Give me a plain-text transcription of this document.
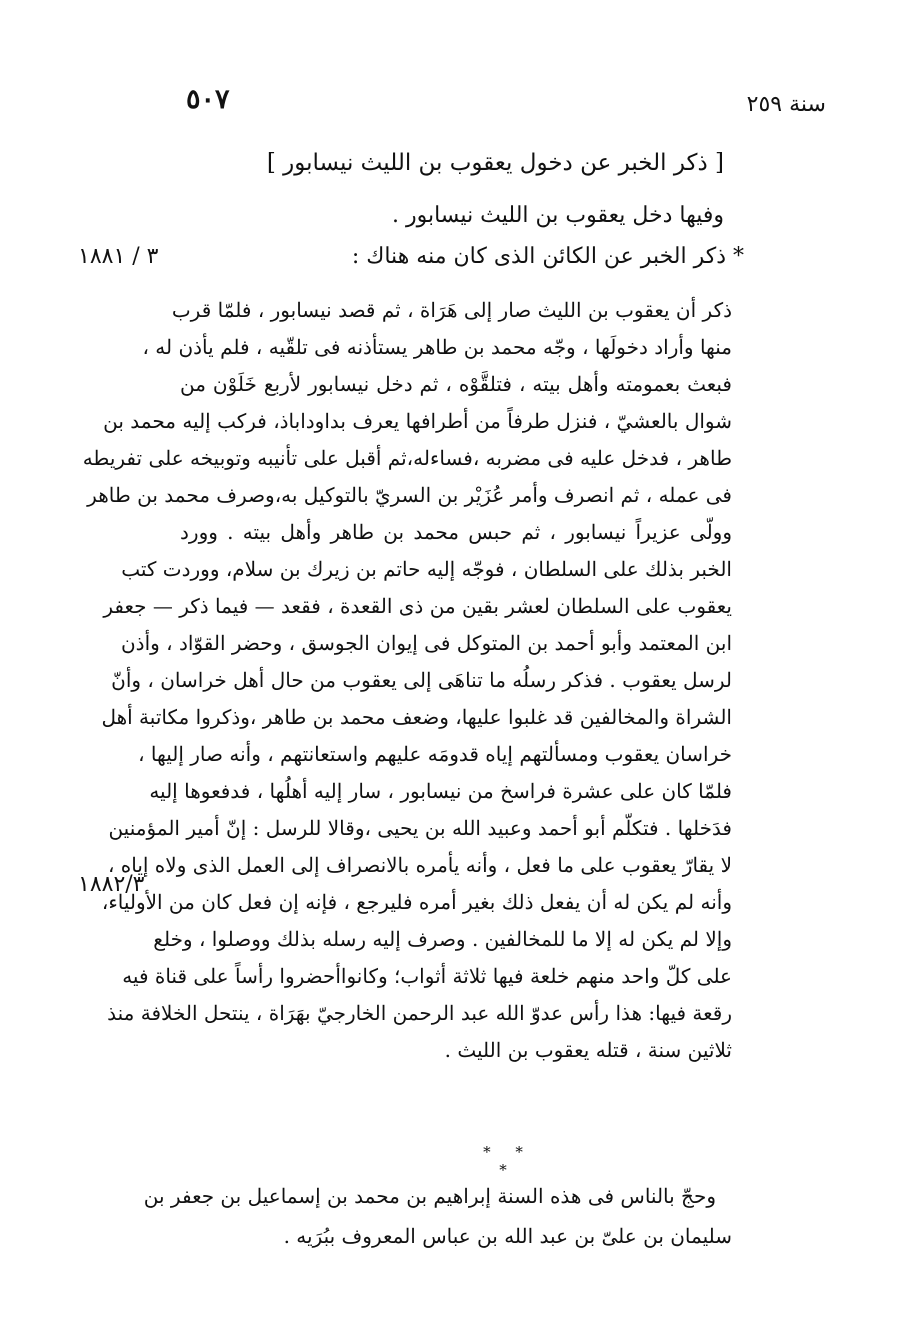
٥٠٧	سنة ٢٥٩
[ ذكر الخبر عن دخول يعقوب بن الليث نيسابور ]
وفيها دخل يعقوب بن الليث نيسابور .
* ذكر الخبر عن الكائن الذى كان منه هناك :
٣ / ١٨٨١
١٨٨٢/٣
ذكر أن يعقوب بن الليث صار إلى هَرَاة ، ثم قصد نيسابور ، فلمّا قرب
منها وأراد دخولَها ، وجّه محمد بن طاهر يستأذنه فى تلقّيه ، فلم يأذن له ،
فبعث بعمومته وأهل بيته ، فتلقَّوْه ، ثم دخل نيسابور لأربع خَلَوْن من
شوال بالعشيّ ، فنزل طرفاً من أطرافها يعرف بداوداباذ، فركب إليه محمد بن
طاهر ، فدخل عليه فى مضربه ،فساءله،ثم أقبل على تأنيبه وتوبيخه على تفريطه
فى عمله ، ثم انصرف وأمر عُزَيْر بن السريّ بالتوكيل به،وصرف محمد بن طاهر
وولّى عزيراً نيسابور ، ثم حبس محمد بن طاهر وأهل بيته . وورد
الخبر بذلك على السلطان ، فوجّه إليه حاتم بن زيرك بن سلام، ووردت كتب
يعقوب على السلطان لعشر بقين من ذى القعدة ، فقعد — فيما ذكر — جعفر
ابن المعتمد وأبو أحمد بن المتوكل فى إيوان الجوسق ، وحضر القوّاد ، وأذن
لرسل يعقوب . فذكر رسلُه ما تناهَى إلى يعقوب من حال أهل خراسان ، وأنّ
الشراة والمخالفين قد غلبوا عليها، وضعف محمد بن طاهر ،وذكروا مكاتبة أهل
خراسان يعقوب ومسألتهم إياه قدومَه عليهم واستعانتهم ، وأنه صار إليها ،
فلمّا كان على عشرة فراسخ من نيسابور ، سار إليه أهلُها ، فدفعوها إليه
فدَخلها . فتكلّم أبو أحمد وعبيد الله بن يحيى ،وقالا للرسل : إنّ أمير المؤمنين
لا يقارّ يعقوب على ما فعل ، وأنه يأمره بالانصراف إلى العمل الذى ولاه إياه ،
وأنه لم يكن له أن يفعل ذلك بغير أمره فليرجع ، فإنه إن فعل كان من الأولياء،
وإلا لم يكن له إلا ما للمخالفين . وصرف إليه رسله بذلك ووصلوا ، وخلع
على كلّ واحد منهم خلعة فيها ثلاثة أثواب؛ وكانواأحضروا رأساً على قناة فيه
رقعة فيها: هذا رأس عدوّ الله عبد الرحمن الخارجيّ بهَرَاة ، ينتحل الخلافة منذ
ثلاثين سنة ، قتله يعقوب بن الليث .
* * *
وحجّ بالناس فى هذه السنة إبراهيم بن محمد بن إسماعيل بن جعفر بن
سليمان بن علىّ بن عبد الله بن عباس المعروف ببُرَيه .
